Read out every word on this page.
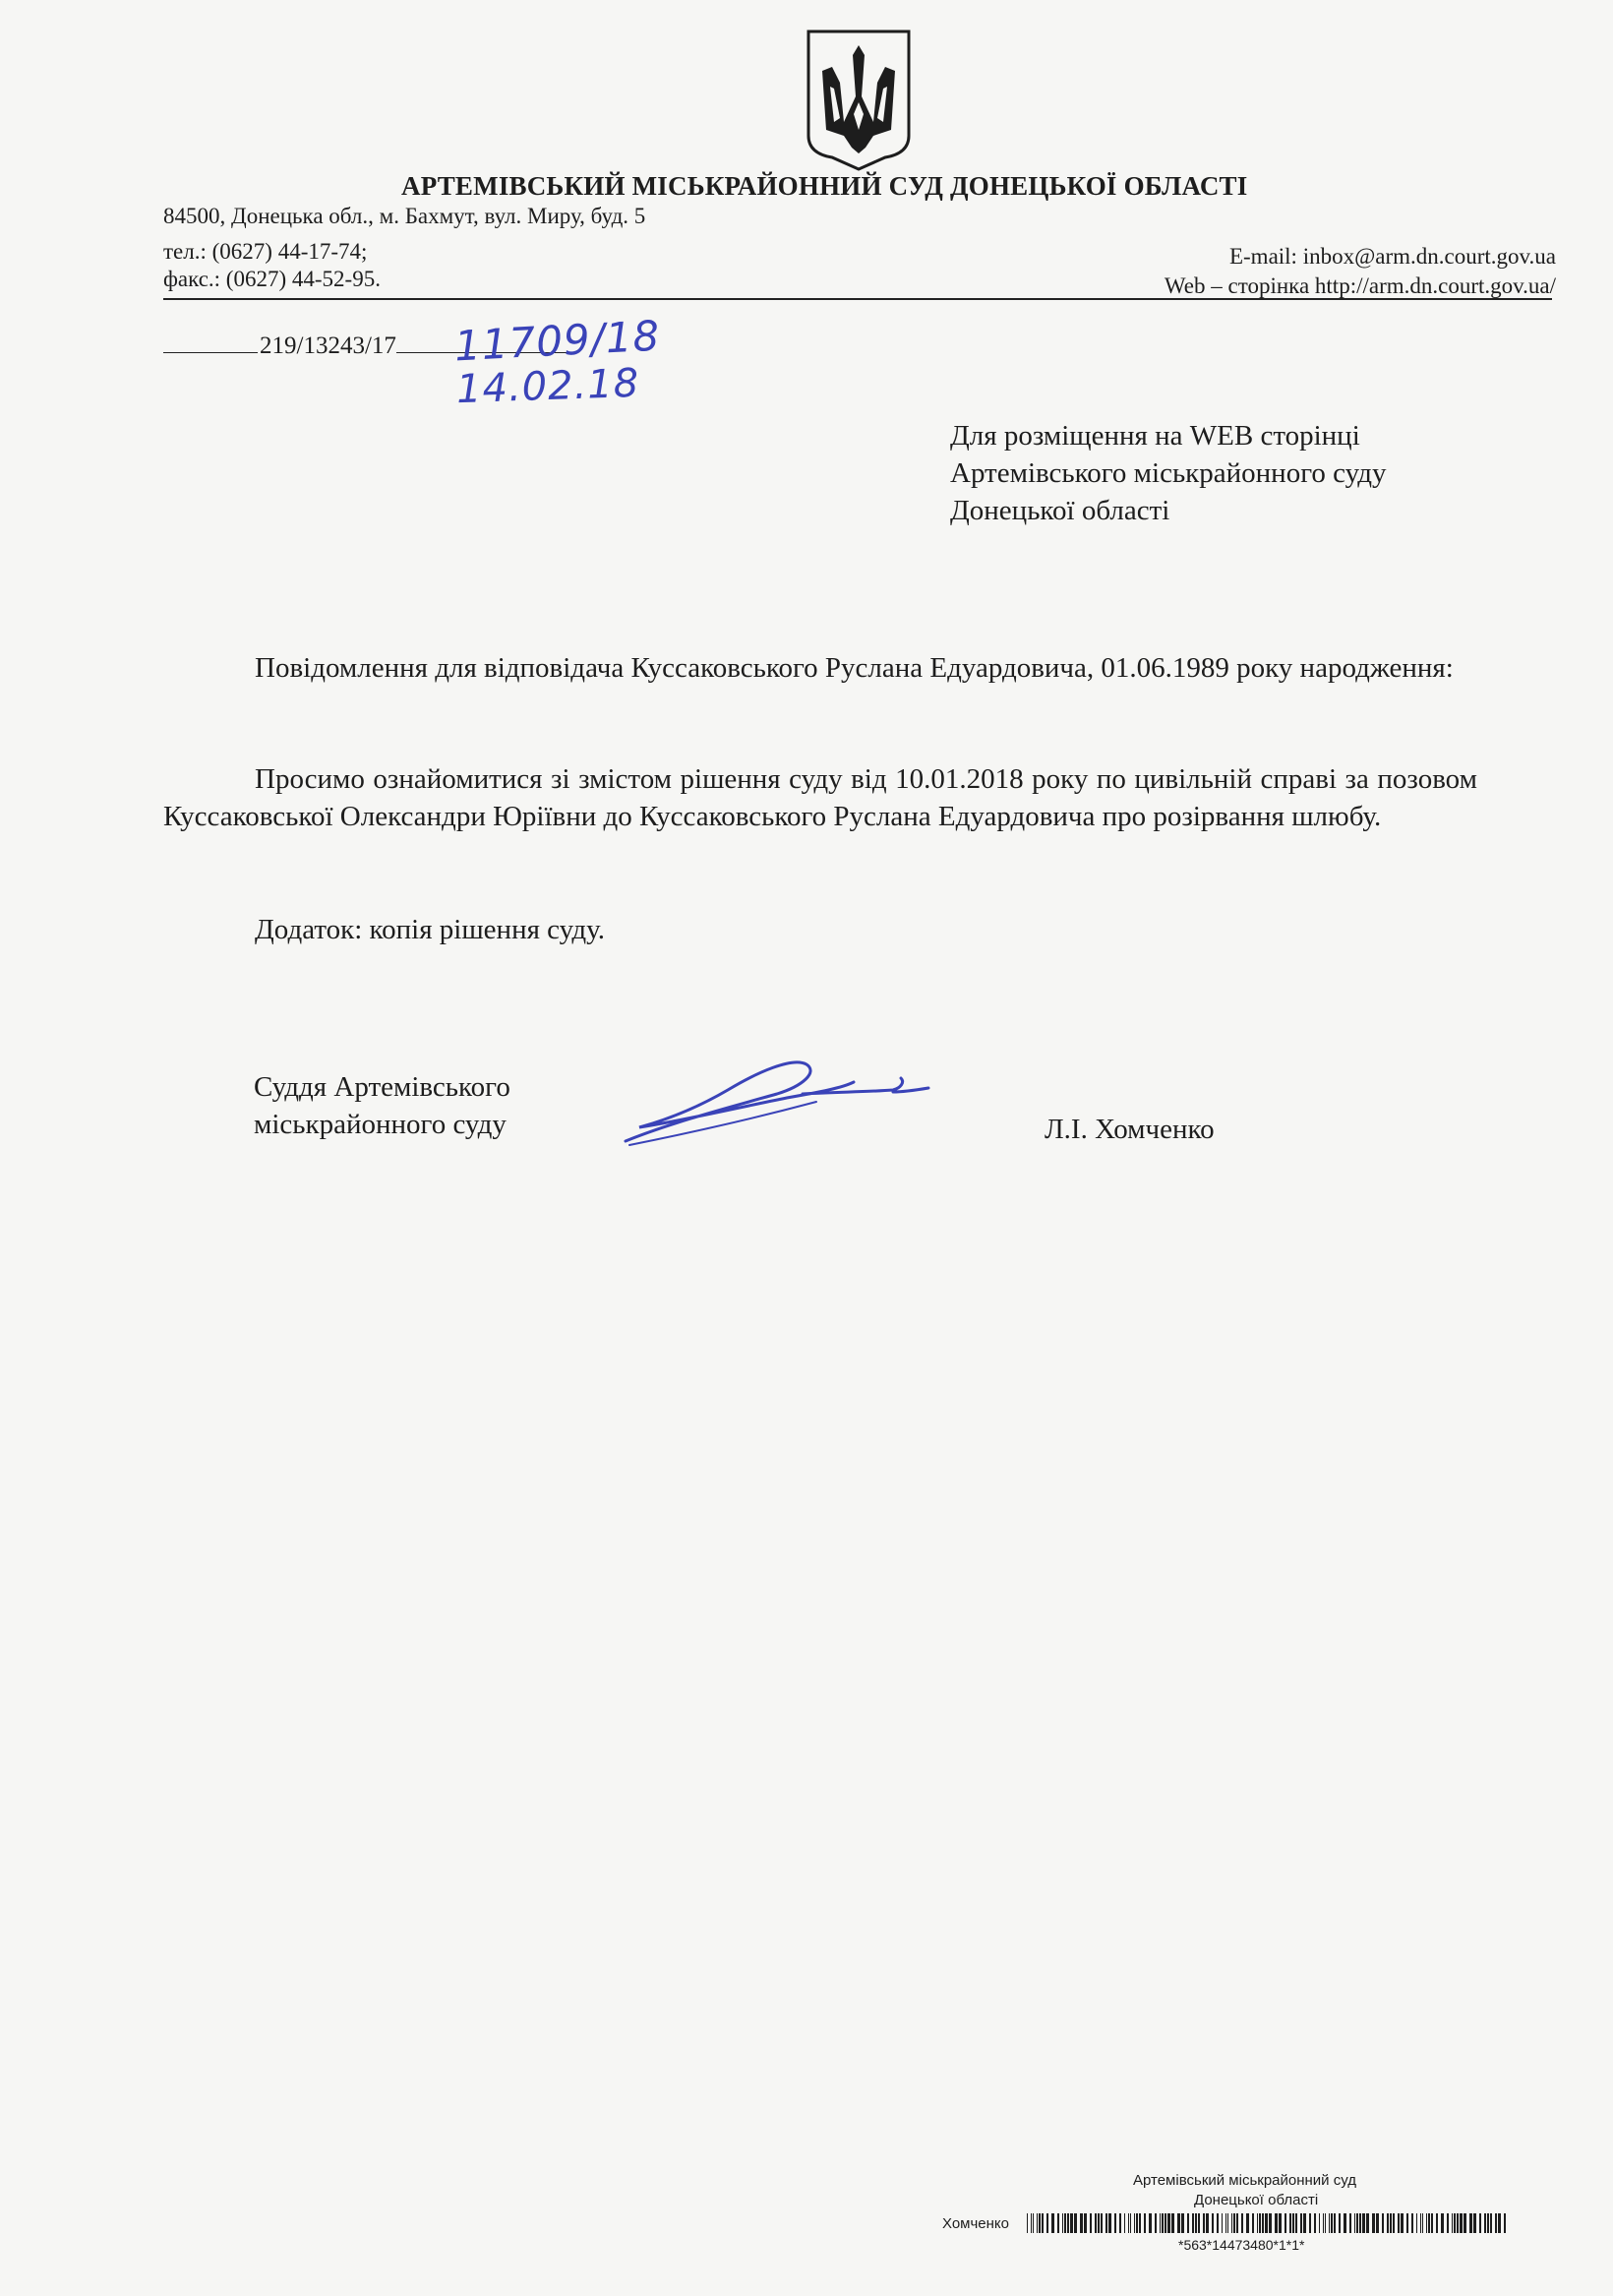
АРТЕМІВСЬКИЙ МІСЬКРАЙОННИЙ СУД ДОНЕЦЬКОЇ ОБЛАСТІ
84500, Донецька обл., м. Бахмут, вул. Миру, буд. 5
тел.: (0627) 44-17-74;
факс.: (0627) 44-52-95.
E-mail: inbox@arm.dn.court.gov.ua
Web – сторінка http://arm.dn.court.gov.ua/
219/13243/17	11709/18
14.02.18
Для розміщення на WEB сторінці
Артемівського міськрайонного суду
Донецької області
Повідомлення для відповідача Куссаковського Руслана Едуардовича, 01.06.1989 року народження:
Просимо ознайомитися зі змістом рішення суду від 10.01.2018 року по цивільній справі за позовом Куссаковської Олександри Юріївни до Куссаковського Руслана Едуардовича про розірвання шлюбу.
Додаток: копія рішення суду.
Суддя Артемівського
міськрайонного суду	Л.І. Хомченко
Артемівський міськрайонний суд
Донецької області
Хомченко
*563*14473480*1*1*
